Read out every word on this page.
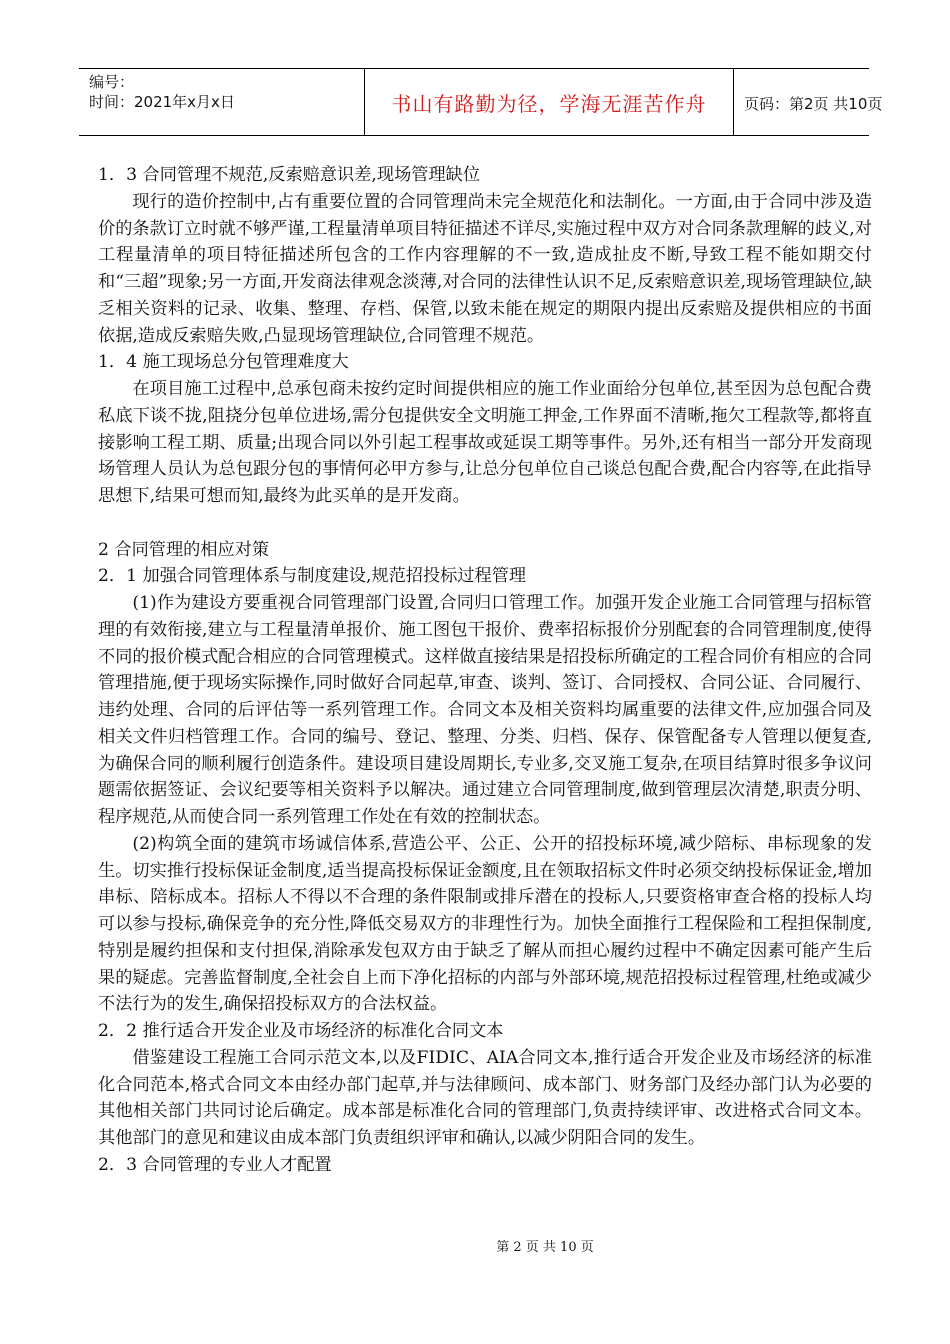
编号：
时间：2021年x月x日	书山有路勤为径，学海无涯苦作舟	页码：第2页 共10页

1．3 合同管理不规范,反索赔意识差,现场管理缺位

现行的造价控制中,占有重要位置的合同管理尚未完全规范化和法制化。一方面,由于合同中涉及造价的条款订立时就不够严谨,工程量清单项目特征描述不详尽,实施过程中双方对合同条款理解的歧义,对工程量清单的项目特征描述所包含的工作内容理解的不一致,造成扯皮不断,导致工程不能如期交付和“三超”现象;另一方面,开发商法律观念淡薄,对合同的法律性认识不足,反索赔意识差,现场管理缺位,缺乏相关资料的记录、收集、整理、存档、保管,以致未能在规定的期限内提出反索赔及提供相应的书面依据,造成反索赔失败,凸显现场管理缺位,合同管理不规范。

1．4 施工现场总分包管理难度大

在项目施工过程中,总承包商未按约定时间提供相应的施工作业面给分包单位,甚至因为总包配合费私底下谈不拢,阻挠分包单位进场,需分包提供安全文明施工押金,工作界面不清晰,拖欠工程款等,都将直接影响工程工期、质量;出现合同以外引起工程事故或延误工期等事件。另外,还有相当一部分开发商现场管理人员认为总包跟分包的事情何必甲方参与,让总分包单位自己谈总包配合费,配合内容等,在此指导思想下,结果可想而知,最终为此买单的是开发商。

2 合同管理的相应对策

2．1 加强合同管理体系与制度建设,规范招投标过程管理

(1)作为建设方要重视合同管理部门设置,合同归口管理工作。加强开发企业施工合同管理与招标管理的有效衔接,建立与工程量清单报价、施工图包干报价、费率招标报价分别配套的合同管理制度,使得不同的报价模式配合相应的合同管理模式。这样做直接结果是招投标所确定的工程合同价有相应的合同管理措施,便于现场实际操作,同时做好合同起草,审查、谈判、签订、合同授权、合同公证、合同履行、违约处理、合同的后评估等一系列管理工作。合同文本及相关资料均属重要的法律文件,应加强合同及相关文件归档管理工作。合同的编号、登记、整理、分类、归档、保存、保管配备专人管理以便复查,为确保合同的顺利履行创造条件。建设项目建设周期长,专业多,交叉施工复杂,在项目结算时很多争议问题需依据签证、会议纪要等相关资料予以解决。通过建立合同管理制度,做到管理层次清楚,职责分明、程序规范,从而使合同一系列管理工作处在有效的控制状态。

(2)构筑全面的建筑市场诚信体系,营造公平、公正、公开的招投标环境,减少陪标、串标现象的发生。切实推行投标保证金制度,适当提高投标保证金额度,且在领取招标文件时必须交纳投标保证金,增加串标、陪标成本。招标人不得以不合理的条件限制或排斥潜在的投标人,只要资格审查合格的投标人均可以参与投标,确保竞争的充分性,降低交易双方的非理性行为。加快全面推行工程保险和工程担保制度,特别是履约担保和支付担保,消除承发包双方由于缺乏了解从而担心履约过程中不确定因素可能产生后果的疑虑。完善监督制度,全社会自上而下净化招标的内部与外部环境,规范招投标过程管理,杜绝或减少不法行为的发生,确保招投标双方的合法权益。

2．2 推行适合开发企业及市场经济的标准化合同文本

借鉴建设工程施工合同示范文本,以及FIDIC、AIA合同文本,推行适合开发企业及市场经济的标准化合同范本,格式合同文本由经办部门起草,并与法律顾问、成本部门、财务部门及经办部门认为必要的其他相关部门共同讨论后确定。成本部是标准化合同的管理部门,负责持续评审、改进格式合同文本。其他部门的意见和建议由成本部门负责组织评审和确认,以减少阴阳合同的发生。

2．3 合同管理的专业人才配置

第 2 页 共 10 页
